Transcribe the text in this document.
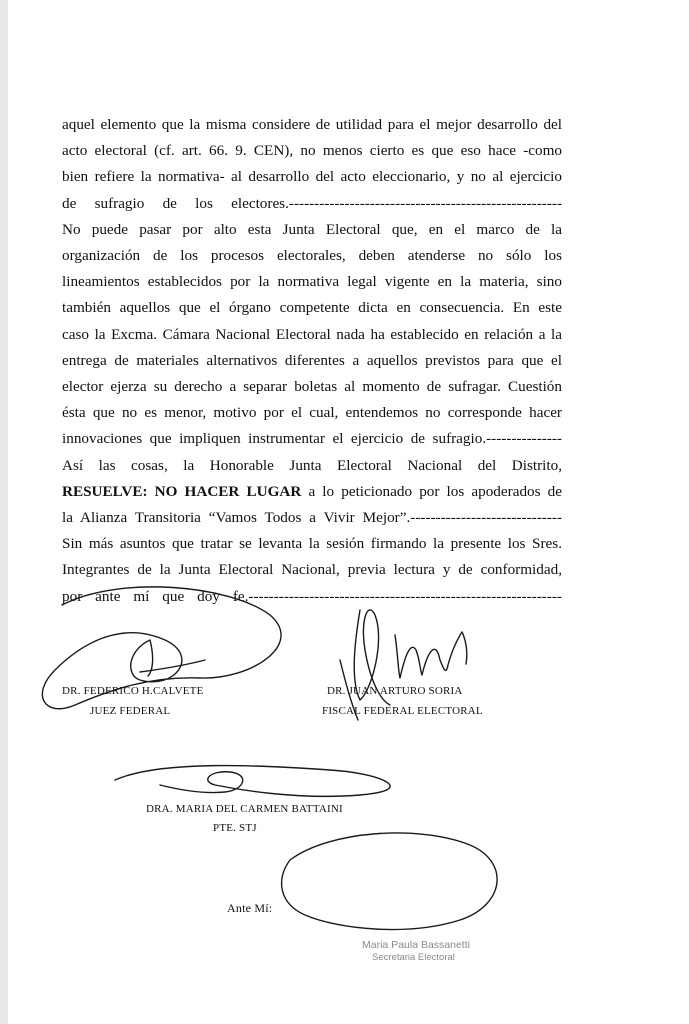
aquel elemento que la misma considere de utilidad para el mejor desarrollo del
acto electoral (cf. art. 66. 9. CEN), no menos cierto es que eso hace -como
bien refiere la normativa- al desarrollo del acto eleccionario, y no al ejercicio
de sufragio de los electores.------------------------------------------------------
No puede pasar por alto esta Junta Electoral que, en el marco de la
organización de los procesos electorales, deben atenderse no sólo los
lineamientos establecidos por la normativa legal vigente en la materia, sino
también aquellos que el órgano competente dicta en consecuencia. En este
caso la Excma. Cámara Nacional Electoral nada ha establecido en relación a la
entrega de materiales alternativos diferentes a aquellos previstos para que el
elector ejerza su derecho a separar boletas al momento de sufragar. Cuestión
ésta que no es menor, motivo por el cual, entendemos no corresponde hacer
innovaciones que impliquen instrumentar el ejercicio de sufragio.---------------
Así las cosas, la Honorable Junta Electoral Nacional del Distrito,
RESUELVE: NO HACER LUGAR a lo peticionado por los apoderados de
la Alianza Transitoria “Vamos Todos a Vivir Mejor”.------------------------------
Sin más asuntos que tratar se levanta la sesión firmando la presente los Sres.
Integrantes de la Junta Electoral Nacional, previa lectura y de conformidad,
por ante mí que doy fe.--------------------------------------------------------------
DR. FEDERICO H.CALVETE
JUEZ FEDERAL
DR. JUAN ARTURO SORIA
FISCAL FEDERAL ELECTORAL
DRA. MARIA DEL CARMEN BATTAINI
PTE. STJ
Ante Mí:
Maria Paula Bassanetti
Secretaria Electoral
